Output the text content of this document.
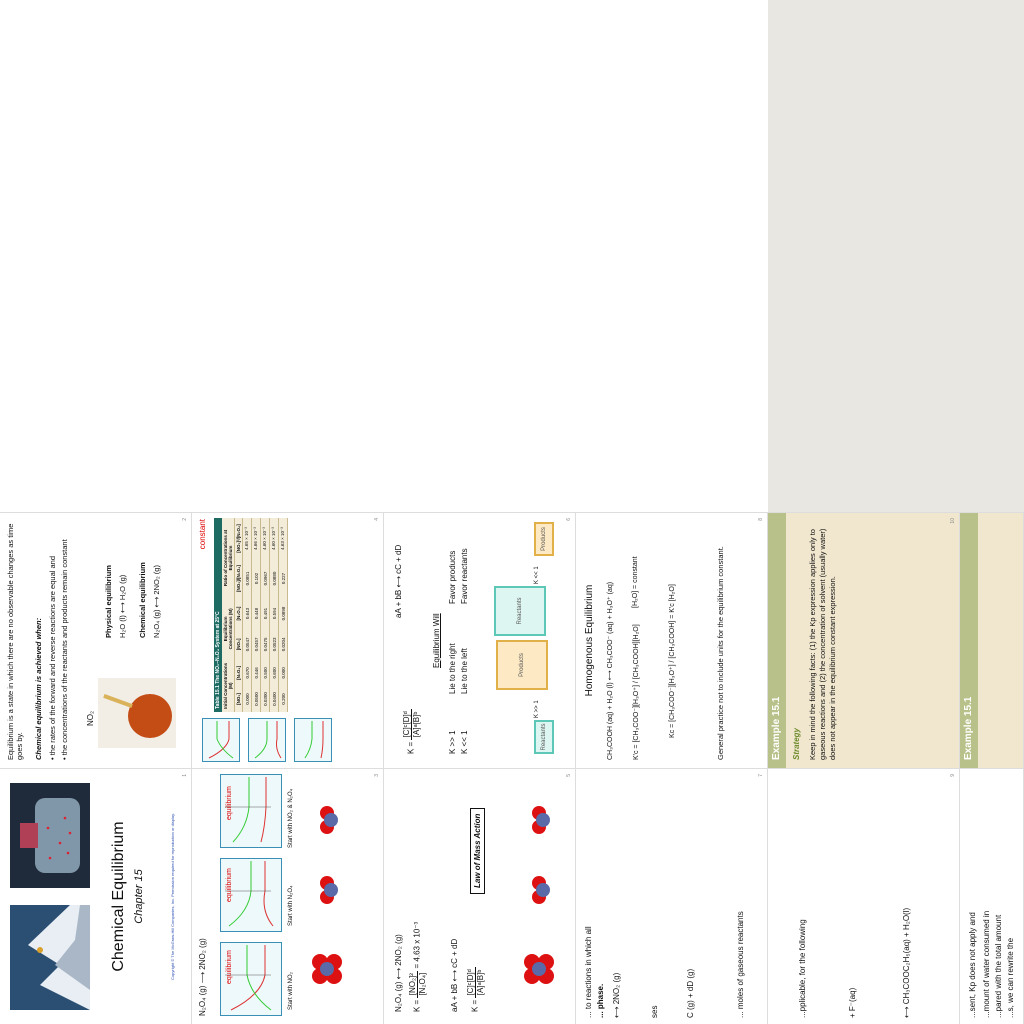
Chemical Equilibrium Chapter 15	Copyright © The McGraw-Hill Companies, Inc. Permission required for reproduction or display.
1
Equilibrium is a state in which there are no observable changes as time goes by. Chemical equilibrium is achieved when: • the rates of the forward and reverse reactions are equal and
• the concentrations of the reactants and products remain constant NO₂
Physical equilibrium H₂O (l) ⟷ H₂O (g) Chemical equilibrium N₂O₄ (g) ⟷ 2NO₂ (g)
2
N₂O₄ (g) ⟶ 2NO₂ (g)	equilibrium
equilibrium
equilibrium
Start with NO₂
Start with N₂O₄
Start with NO₂ & N₂O₄
3
Table 15.1 The NO₂–N₂O₄ System at 25°C Initial Concentrations (M)		Equilibrium Concentrations (M)		Ratio of Concentrations at Equilibrium	
[NO₂]	[N₂O₄]	[NO₂]	[N₂O₄]	[NO₂]/[N₂O₄]	[NO₂]²/[N₂O₄]
0.000	0.670	0.0547	0.643	0.0851	4.65 × 10⁻³
0.0500	0.446	0.0457	0.448	0.102	4.66 × 10⁻³
0.0300	0.500	0.0475	0.491	0.0967	4.60 × 10⁻³
0.0400	0.600	0.0523	0.594	0.0880	4.60 × 10⁻³
0.200	0.000	0.0204	0.0898	0.227	4.63 × 10⁻³
constant	4
N₂O₄ (g) ⟷ 2NO₂ (g)	K =
[NO₂]² [N₂O₄]
= 4.63 x 10⁻³	aA + bB ⟷ cC + dD	K =
[C]ᶜ[D]ᵈ [A]ᵃ[B]ᵇ
Law of Mass Action
5
aA + bB ⟷ cC + dD
K =
[C]ᶜ[D]ᵈ [A]ᵃ[B]ᵇ
Equilibrium Will
K >> 1Lie to the rightFavor products
K << 1Lie to the leftFavor reactants
Reactants
K >> 1
Products
Reactants
K << 1
Products
6
... to reactions in which all ... phase. ⟷ 2NO₂ (g)	ses	C (g) + dD (g)	... moles of gaseous reactants
7
Homogenous Equilibrium CH₃COOH (aq) + H₂O (l) ⟷ CH₃COO⁻ (aq) + H₃O⁺ (aq)	K′c = [CH₃COO⁻][H₃O⁺] / [CH₃COOH][H₂O]
[H₂O] = constant
Kc = [CH₃COO⁻][H₃O⁺] / [CH₃COOH] = K′c [H₂O]	General practice not to include units for the equilibrium constant.
8
...pplicable, for the following	+ F⁻(aq)	⟷ CH₃COOC₂H₅(aq) + H₂O(l)
9
Example 15.1	Strategy Keep in mind the following facts: (1) the Kp expression applies only to gaseous reactions and (2) the concentration of solvent (usually water) does not appear in the equilibrium constant expression.
10
...sent, Kp does not apply and ...mount of water consumed in ...pared with the total amount ...s, we can rewrite the
Example 15.1
